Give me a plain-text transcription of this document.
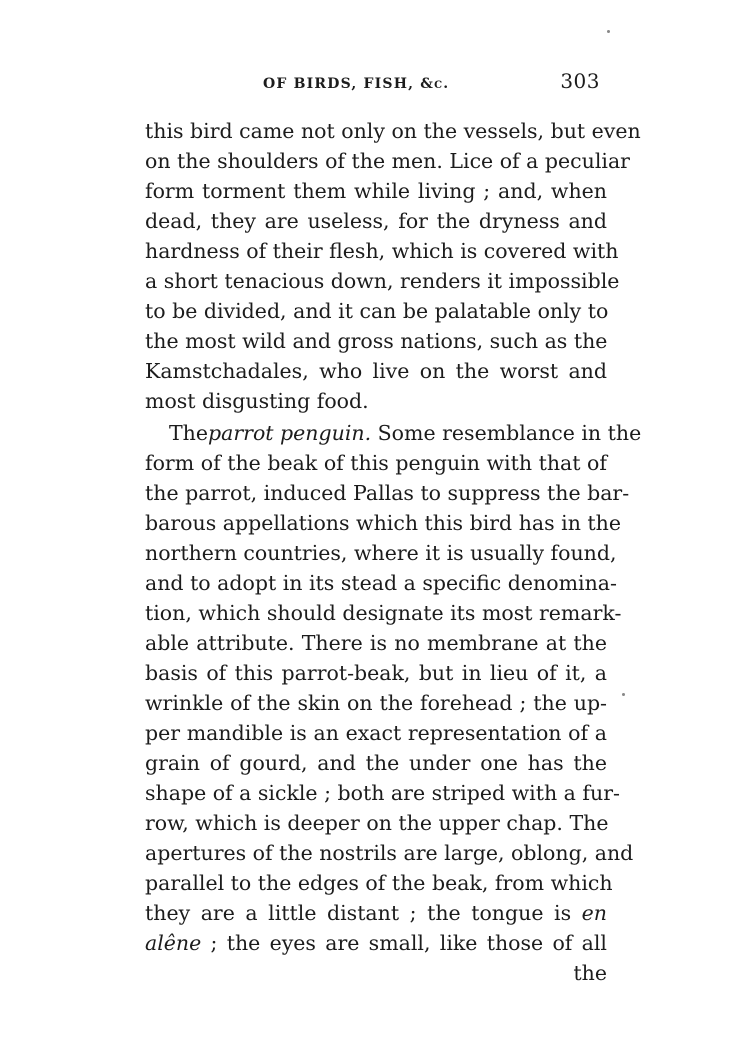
OF BIRDS, FISH, &c.	303
this bird came not only on the vessels, but even
on the shoulders of the men. Lice of a peculiar
form torment them while living ; and, when
dead, they are useless, for the dryness and
hardness of their flesh, which is covered with
a short tenacious down, renders it impossible
to be divided, and it can be palatable only to
the most wild and gross nations, such as the
Kamstchadales, who live on the worst and
most disgusting food.
Theparrot penguin. Some resemblance in the
form of the beak of this penguin with that of
the parrot, induced Pallas to suppress the bar-
barous appellations which this bird has in the
northern countries, where it is usually found,
and to adopt in its stead a specific denomina-
tion, which should designate its most remark-
able attribute. There is no membrane at the
basis of this parrot-beak, but in lieu of it, a
wrinkle of the skin on the forehead ; the up-
per mandible is an exact representation of a
grain of gourd, and the under one has the
shape of a sickle ; both are striped with a fur-
row, which is deeper on the upper chap. The
apertures of the nostrils are large, oblong, and
parallel to the edges of the beak, from which
they are a little distant ; the tongue is en
alêne ; the eyes are small, like those of all
the
